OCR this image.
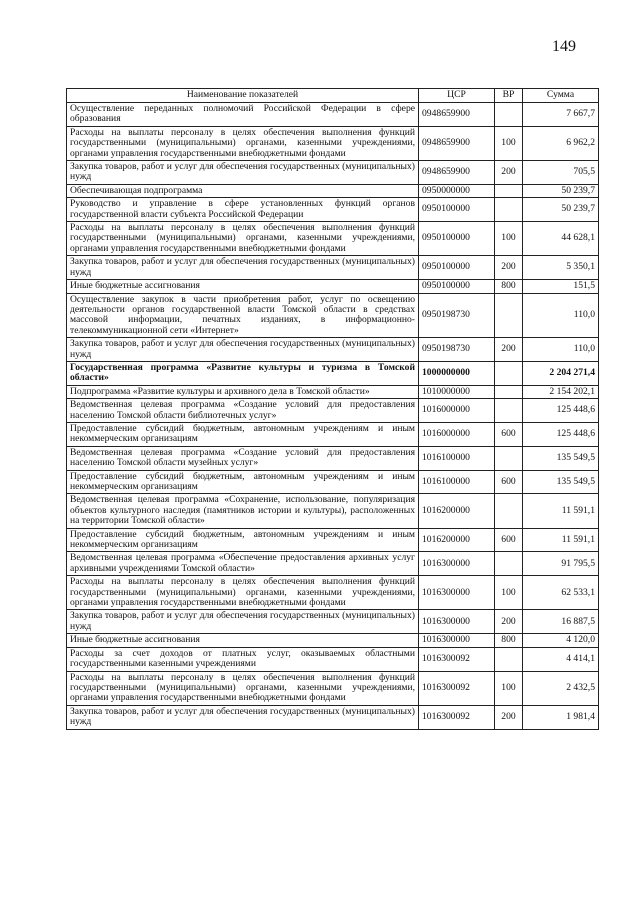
149
Наименование показателей	ЦСР	ВР	Сумма
Осуществление переданных полномочий Российской Федерации в сфере образования	0948659900		7 667,7
Расходы на выплаты персоналу в целях обеспечения выполнения функций государственными (муниципальными) органами, казенными учреждениями, органами управления государственными внебюджетными фондами	0948659900	100	6 962,2
Закупка товаров, работ и услуг для обеспечения государственных (муниципальных) нужд	0948659900	200	705,5
Обеспечивающая подпрограмма	0950000000		50 239,7
Руководство и управление в сфере установленных функций органов государственной власти субъекта Российской Федерации	0950100000		50 239,7
Расходы на выплаты персоналу в целях обеспечения выполнения функций государственными (муниципальными) органами, казенными учреждениями, органами управления государственными внебюджетными фондами	0950100000	100	44 628,1
Закупка товаров, работ и услуг для обеспечения государственных (муниципальных) нужд	0950100000	200	5 350,1
Иные бюджетные ассигнования	0950100000	800	151,5
Осуществление закупок в части приобретения работ, услуг по освещению деятельности органов государственной власти Томской области в средствах массовой информации, печатных изданиях, в информационно-телекоммуникационной сети «Интернет»	0950198730		110,0
Закупка товаров, работ и услуг для обеспечения государственных (муниципальных) нужд	0950198730	200	110,0
Государственная программа «Развитие культуры и туризма в Томской области»	1000000000		2 204 271,4
Подпрограмма «Развитие культуры и архивного дела в Томской области»	1010000000		2 154 202,1
Ведомственная целевая программа «Создание условий для предоставления населению Томской области библиотечных услуг»	1016000000		125 448,6
Предоставление субсидий бюджетным, автономным учреждениям и иным некоммерческим организациям	1016000000	600	125 448,6
Ведомственная целевая программа «Создание условий для предоставления населению Томской области музейных услуг»	1016100000		135 549,5
Предоставление субсидий бюджетным, автономным учреждениям и иным некоммерческим организациям	1016100000	600	135 549,5
Ведомственная целевая программа «Сохранение, использование, популяризация объектов культурного наследия (памятников истории и культуры), расположенных на территории Томской области»	1016200000		11 591,1
Предоставление субсидий бюджетным, автономным учреждениям и иным некоммерческим организациям	1016200000	600	11 591,1
Ведомственная целевая программа «Обеспечение предоставления архивных услуг архивными учреждениями Томской области»	1016300000		91 795,5
Расходы на выплаты персоналу в целях обеспечения выполнения функций государственными (муниципальными) органами, казенными учреждениями, органами управления государственными внебюджетными фондами	1016300000	100	62 533,1
Закупка товаров, работ и услуг для обеспечения государственных (муниципальных) нужд	1016300000	200	16 887,5
Иные бюджетные ассигнования	1016300000	800	4 120,0
Расходы за счет доходов от платных услуг, оказываемых областными государственными казенными учреждениями	1016300092		4 414,1
Расходы на выплаты персоналу в целях обеспечения выполнения функций государственными (муниципальными) органами, казенными учреждениями, органами управления государственными внебюджетными фондами	1016300092	100	2 432,5
Закупка товаров, работ и услуг для обеспечения государственных (муниципальных) нужд	1016300092	200	1 981,4
